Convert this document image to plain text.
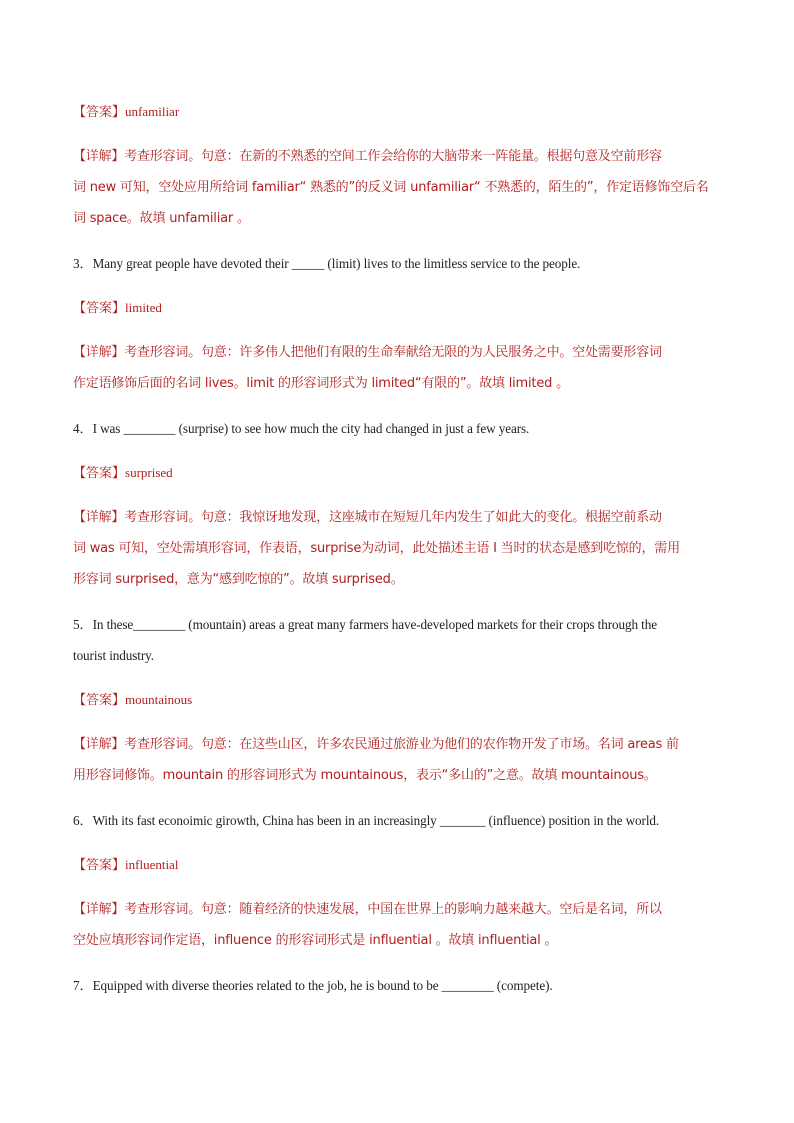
【答案】unfamiliar
【详解】考查形容词。句意：在新的不熟悉的空间工作会给你的大脑带来一阵能量。根据句意及空前形容
词 new 可知，空处应用所给词 familiar“ 熟悉的”的反义词 unfamiliar“ 不熟悉的，陌生的”，作定语修饰空后名
词 space。故填 unfamiliar 。
3．Many great people have devoted their _____ (limit) lives to the limitless service to the people.
【答案】limited
【详解】考查形容词。句意：许多伟人把他们有限的生命奉献给无限的为人民服务之中。空处需要形容词
作定语修饰后面的名词 lives。limit 的形容词形式为 limited“有限的”。故填 limited 。
4．I was ________ (surprise) to see how much the city had changed in just a few years.
【答案】surprised
【详解】考查形容词。句意：我惊讶地发现，这座城市在短短几年内发生了如此大的变化。根据空前系动
词 was 可知，空处需填形容词，作表语，surprise为动词，此处描述主语 I 当时的状态是感到吃惊的，需用
形容词 surprised，意为“感到吃惊的”。故填 surprised。
5．In these________ (mountain) areas a great many farmers have-developed markets for their crops through the
tourist industry.
【答案】mountainous
【详解】考查形容词。句意：在这些山区，许多农民通过旅游业为他们的农作物开发了市场。名词 areas 前
用形容词修饰。mountain 的形容词形式为 mountainous，表示“多山的”之意。故填 mountainous。
6．With its fast econoimic girowth, China has been in an increasingly _______ (influence) position in the world.
【答案】influential
【详解】考查形容词。句意：随着经济的快速发展，中国在世界上的影响力越来越大。空后是名词，所以
空处应填形容词作定语，influence 的形容词形式是 influential 。故填 influential 。
7．Equipped with diverse theories related to the job, he is bound to be ________ (compete).
